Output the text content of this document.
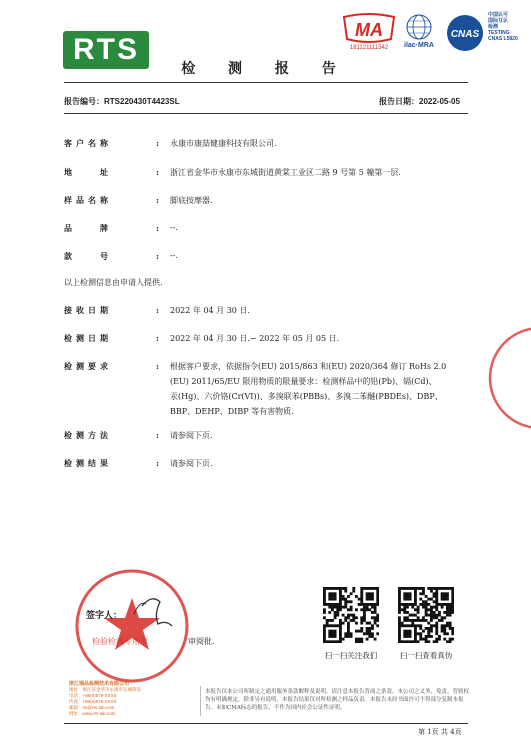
RTS
MA
181121111542 ilac·MRA
CNAS
中国认可
国际互认
检测
TESTING
CNAS L5820
检 测 报 告
报告编号：RTS220430T4423SL	报告日期：2022-05-05
客户名称	: 永康市康喆健康科技有限公司.
地　　址	: 浙江省金华市永康市东城街道黄棠工业区二路 9 号第 5 幢第一层.
样品名称	: 脚底按摩器.
品　　牌	: --.
款　　号	: --.
以上检测信息由申请人提供.
接收日期	: 2022 年 04 月 30 日.
检测日期	: 2022 年 04 月 30 日.~ 2022 年 05 月 05 日.
检测要求	: 根据客户要求，依据指令(EU) 2015/863 和(EU) 2020/364 修订 RoHs 2.0
(EU) 2011/65/EU 限用物质的限量要求：检测样品中的铅(Pb)、镉(Cd)、
汞(Hg)、六价铬(Cr(VI))、多溴联苯(PBBs)、多溴二苯醚(PBDEs)、DBP、
BBP、DEHP、DIBP 等有害物质.
检测方法	: 请参阅下页.
检测结果	: 请参阅下页.
签字人：
检验检测专用章	审阅批.
扫一扫关注我们	扫一扫查看真伪
浙江瑞品检测技术有限公司
地址：浙江省金华市永康市东城街道
电话：+86(0)579-XXXX
传真：+86(0)579-XXXX
邮箱：rts@rts-lab.com
网址：www.rts-lab.com
本报告仅本公司所制定之通用服务条款解释及说明。请注意本报告背面之条款。本公司之义务、免责、管辖权均有明确规定，除非另有说明，本报告结果仅对所检测之样品负责。本报告未经书面许可不得部分复制本报告。未如CMA标志的报告，不作为国内社会公证性证明。
第 1页 共 4页
